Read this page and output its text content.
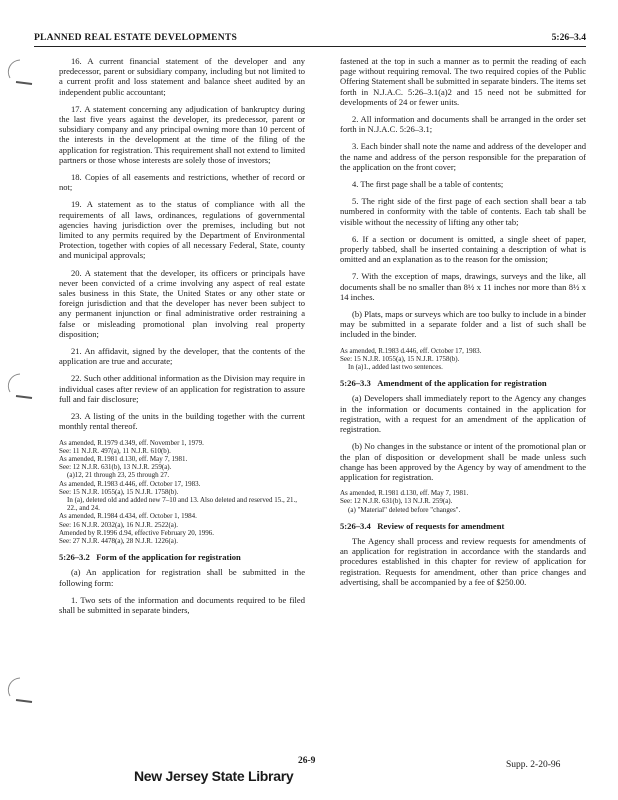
PLANNED REAL ESTATE DEVELOPMENTS	5:26–3.4

16. A current financial statement of the developer and any predecessor, parent or subsidiary company, including but not limited to a current profit and loss statement and balance sheet audited by an independent public accountant;

17. A statement concerning any adjudication of bankruptcy during the last five years against the developer, its predecessor, parent or subsidiary company and any principal owning more than 10 percent of the interests in the development at the time of the filing of the application for registration. This requirement shall not extend to limited partners or those whose interests are solely those of investors;

18. Copies of all easements and restrictions, whether of record or not;

19. A statement as to the status of compliance with all the requirements of all laws, ordinances, regulations of governmental agencies having jurisdiction over the premises, including but not limited to any permits required by the Department of Environmental Protection, together with copies of all necessary Federal, State, county and municipal approvals;

20. A statement that the developer, its officers or principals have never been convicted of a crime involving any aspect of real estate sales business in this State, the United States or any other state or foreign jurisdiction and that the developer has never been subject to any permanent injunction or final administrative order restraining a false or misleading promotional plan involving real property disposition;

21. An affidavit, signed by the developer, that the contents of the application are true and accurate;

22. Such other additional information as the Division may require in individual cases after review of an application for registration to assure full and fair disclosure;

23. A listing of the units in the building together with the current monthly rental thereof.

As amended, R.1979 d.349, eff. November 1, 1979.
See: 11 N.J.R. 497(a), 11 N.J.R. 610(b).
As amended, R.1981 d.130, eff. May 7, 1981.
See: 12 N.J.R. 631(b), 13 N.J.R. 259(a).
(a)12, 21 through 23, 25 through 27.
As amended, R.1983 d.446, eff. October 17, 1983.
See: 15 N.J.R. 1055(a), 15 N.J.R. 1758(b).
In (a), deleted old and added new 7–10 and 13. Also deleted and reserved 15., 21., 22., and 24.
As amended, R.1984 d.434, eff. October 1, 1984.
See: 16 N.J.R. 2032(a), 16 N.J.R. 2522(a).
Amended by R.1996 d.94, effective February 20, 1996.
See: 27 N.J.R. 4478(a), 28 N.J.R. 1226(a).
5:26–3.2 Form of the application for registration

(a) An application for registration shall be submitted in the following form:

1. Two sets of the information and documents required to be filed shall be submitted in separate binders,

fastened at the top in such a manner as to permit the reading of each page without requiring removal. The two required copies of the Public Offering Statement shall be submitted in separate binders. The items set forth in N.J.A.C. 5:26–3.1(a)2 and 15 need not be submitted for developments of 24 or fewer units.

2. All information and documents shall be arranged in the order set forth in N.J.A.C. 5:26–3.1;

3. Each binder shall note the name and address of the developer and the name and address of the person responsible for the preparation of the application on the front cover;

4. The first page shall be a table of contents;

5. The right side of the first page of each section shall bear a tab numbered in conformity with the table of contents. Each tab shall be visible without the necessity of lifting any other tab;

6. If a section or document is omitted, a single sheet of paper, properly tabbed, shall be inserted containing a description of what is omitted and an explanation as to the reason for the omission;

7. With the exception of maps, drawings, surveys and the like, all documents shall be no smaller than 8½ x 11 inches nor more than 8½ x 14 inches.

(b) Plats, maps or surveys which are too bulky to include in a binder may be submitted in a separate folder and a list of such shall be included in the binder.

As amended, R.1983 d.446, eff. October 17, 1983.
See: 15 N.J.R. 1055(a), 15 N.J.R. 1758(b).
In (a)1., added last two sentences.
5:26–3.3 Amendment of the application for registration

(a) Developers shall immediately report to the Agency any changes in the information or documents contained in the application for registration, with a request for an amendment of the application of registration.

(b) No changes in the substance or intent of the promotional plan or the plan of disposition or development shall be made unless such change has been approved by the Agency by way of amendment to the application for registration.

As amended, R.1981 d.130, eff. May 7, 1981.
See: 12 N.J.R. 631(b), 13 N.J.R. 259(a).
(a) "Material" deleted before "changes".
5:26–3.4 Review of requests for amendment

The Agency shall process and review requests for amendments of an application for registration in accordance with the standards and procedures established in this chapter for review of application for registration. Requests for amendment, other than price changes and advertising, shall be accompanied by a fee of $250.00.

New Jersey State Library
26-9	Supp. 2-20-96
